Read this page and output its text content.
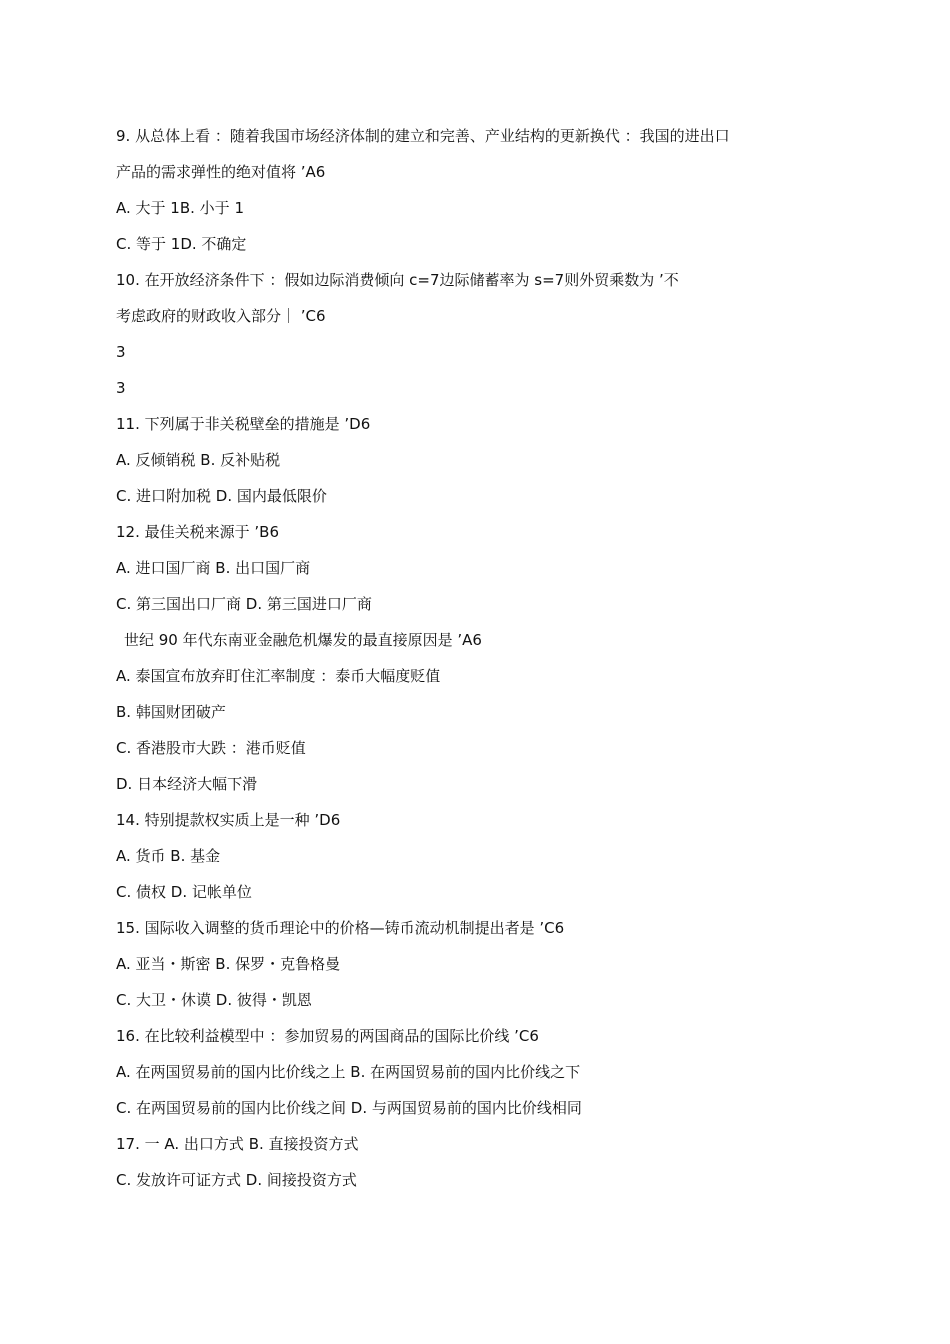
9. 从总体上看 ：随着我国市场经济体制的建立和完善、产业结构的更新换代 ：我国的进出口
产品的需求弹性的绝对值将 ’A6
A. 大于 1B. 小于 1
C. 等于 1D. 不确定
10. 在开放经济条件下 ：假如边际消费倾向 c=7边际储蓄率为 s=7则外贸乘数为 ’不
考虑政府的财政收入部分｜ ’C6
3
3
11. 下列属于非关税壁垒的措施是 ’D6
A. 反倾销税 B. 反补贴税
C. 进口附加税 D. 国内最低限价
12. 最佳关税来源于 ’B6
A. 进口国厂商 B. 出口国厂商
C. 第三国出口厂商 D. 第三国进口厂商
世纪 90 年代东南亚金融危机爆发的最直接原因是 ’A6
A. 泰国宣布放弃盯住汇率制度 ：泰币大幅度贬值
B. 韩国财团破产
C. 香港股市大跌 ：港币贬值
D. 日本经济大幅下滑
14. 特别提款权实质上是一种 ’D6
A. 货币 B. 基金
C. 债权 D. 记帐单位
15. 国际收入调整的货币理论中的价格—铸币流动机制提出者是 ’C6
A. 亚当・斯密 B. 保罗・克鲁格曼
C. 大卫・休谟 D. 彼得・凯恩
16. 在比较利益模型中 ：参加贸易的两国商品的国际比价线 ’C6
A. 在两国贸易前的国内比价线之上 B. 在两国贸易前的国内比价线之下
C. 在两国贸易前的国内比价线之间 D. 与两国贸易前的国内比价线相同
17. 一 A. 出口方式 B. 直接投资方式
C. 发放许可证方式 D. 间接投资方式
